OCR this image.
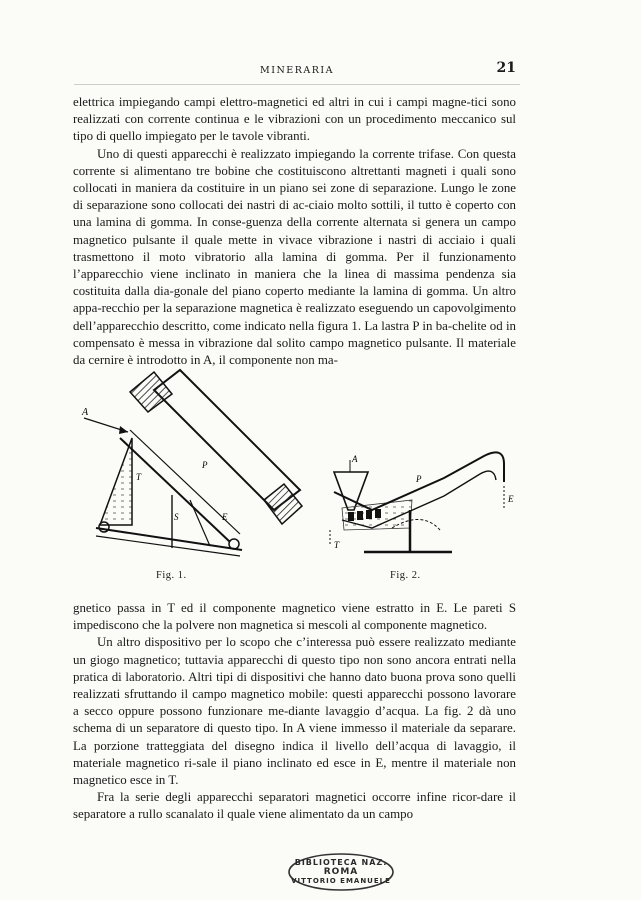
MINERARIA	21

elettrica impiegando campi elettro-magnetici ed altri in cui i campi magne-tici sono realizzati con corrente continua e le vibrazioni con un procedimento meccanico sul tipo di quello impiegato per le tavole vibranti.

Uno di questi apparecchi è realizzato impiegando la corrente trifase. Con questa corrente si alimentano tre bobine che costituiscono altrettanti magneti i quali sono collocati in maniera da costituire in un piano sei zone di separazione. Lungo le zone di separazione sono collocati dei nastri di ac-ciaio molto sottili, il tutto è coperto con una lamina di gomma. In conse-guenza della corrente alternata si genera un campo magnetico pulsante il quale mette in vivace vibrazione i nastri di acciaio i quali trasmettono il moto vibratorio alla lamina di gomma. Per il funzionamento l’apparecchio viene inclinato in maniera che la linea di massima pendenza sia costituita dalla dia-gonale del piano coperto mediante la lamina di gomma. Un altro appa-recchio per la separazione magnetica è realizzato eseguendo un capovolgimento dell’apparecchio descritto, come indicato nella figura 1. La lastra P in ba-chelite od in compensato è messa in vibrazione dal solito campo magnetico pulsante. Il materiale da cernire è introdotto in A, il componente non ma-

A
T
S	E
P
A
P
T
E
Fig. 1.	Fig. 2.

gnetico passa in T ed il componente magnetico viene estratto in E. Le pareti S impediscono che la polvere non magnetica si mescoli al componente magnetico.

Un altro dispositivo per lo scopo che c’interessa può essere realizzato mediante un giogo magnetico; tuttavia apparecchi di questo tipo non sono ancora entrati nella pratica di laboratorio. Altri tipi di dispositivi che hanno dato buona prova sono quelli realizzati sfruttando il campo magnetico mobile: questi apparecchi possono lavorare a secco oppure possono funzionare me-diante lavaggio d’acqua. La fig. 2 dà uno schema di un separatore di questo tipo. In A viene immesso il materiale da separare. La porzione tratteggiata del disegno indica il livello dell’acqua di lavaggio, il materiale magnetico ri-sale il piano inclinato ed esce in E, mentre il materiale non magnetico esce in T.

Fra la serie degli apparecchi separatori magnetici occorre infine ricor-dare il separatore a rullo scanalato il quale viene alimentato da un campo

BIBLIOTECA NAZ.
ROMA
VITTORIO EMANUELE
